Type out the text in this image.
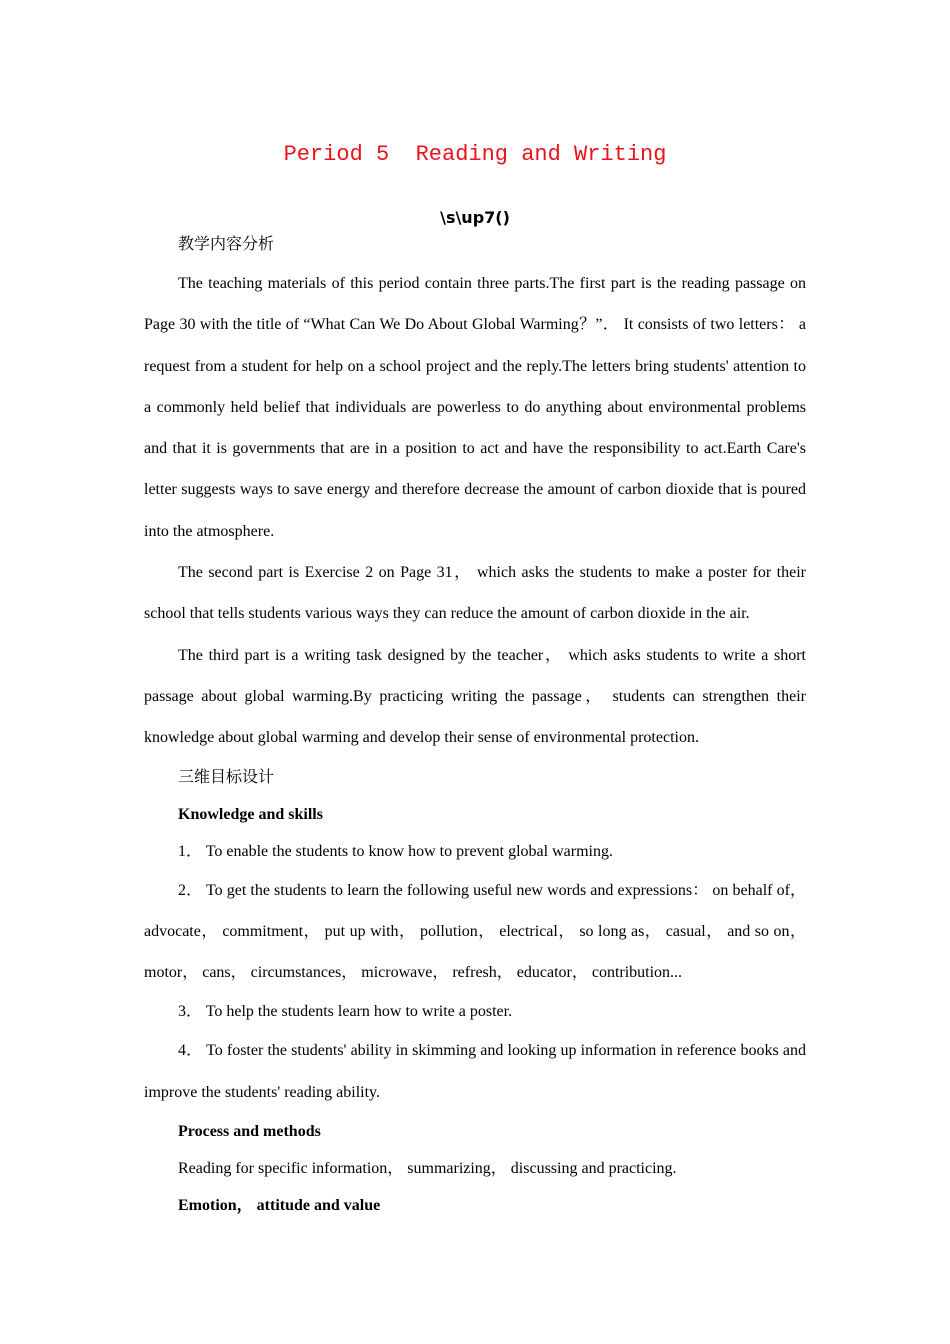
Period 5  Reading and Writing
\s\up7()

教学内容分析

The teaching materials of this period contain three parts.The first part is the reading passage on Page 30 with the title of “What Can We Do About Global Warming？”． It consists of two letters： a request from a student for help on a school project and the reply.The letters bring students' attention to a commonly held belief that individuals are powerless to do anything about environmental problems and that it is governments that are in a position to act and have the responsibility to act.Earth Care's letter suggests ways to save energy and therefore decrease the amount of carbon dioxide that is poured into the atmosphere.

The second part is Exercise 2 on Page 31， which asks the students to make a poster for their school that tells students various ways they can reduce the amount of carbon dioxide in the air.

The third part is a writing task designed by the teacher， which asks students to write a short passage about global warming.By practicing writing the passage， students can strengthen their knowledge about global warming and develop their sense of environmental protection.

三维目标设计

Knowledge and skills

1． To enable the students to know how to prevent global warming.

2． To get the students to learn the following useful new words and expressions： on behalf of， advocate， commitment， put up with， pollution， electrical， so long as， casual， and so on， motor， cans， circumstances， microwave， refresh， educator， contribution...

3． To help the students learn how to write a poster.

4． To foster the students' ability in skimming and looking up information in reference books and improve the students' reading ability.

Process and methods

Reading for specific information， summarizing， discussing and practicing.

Emotion， attitude and value
